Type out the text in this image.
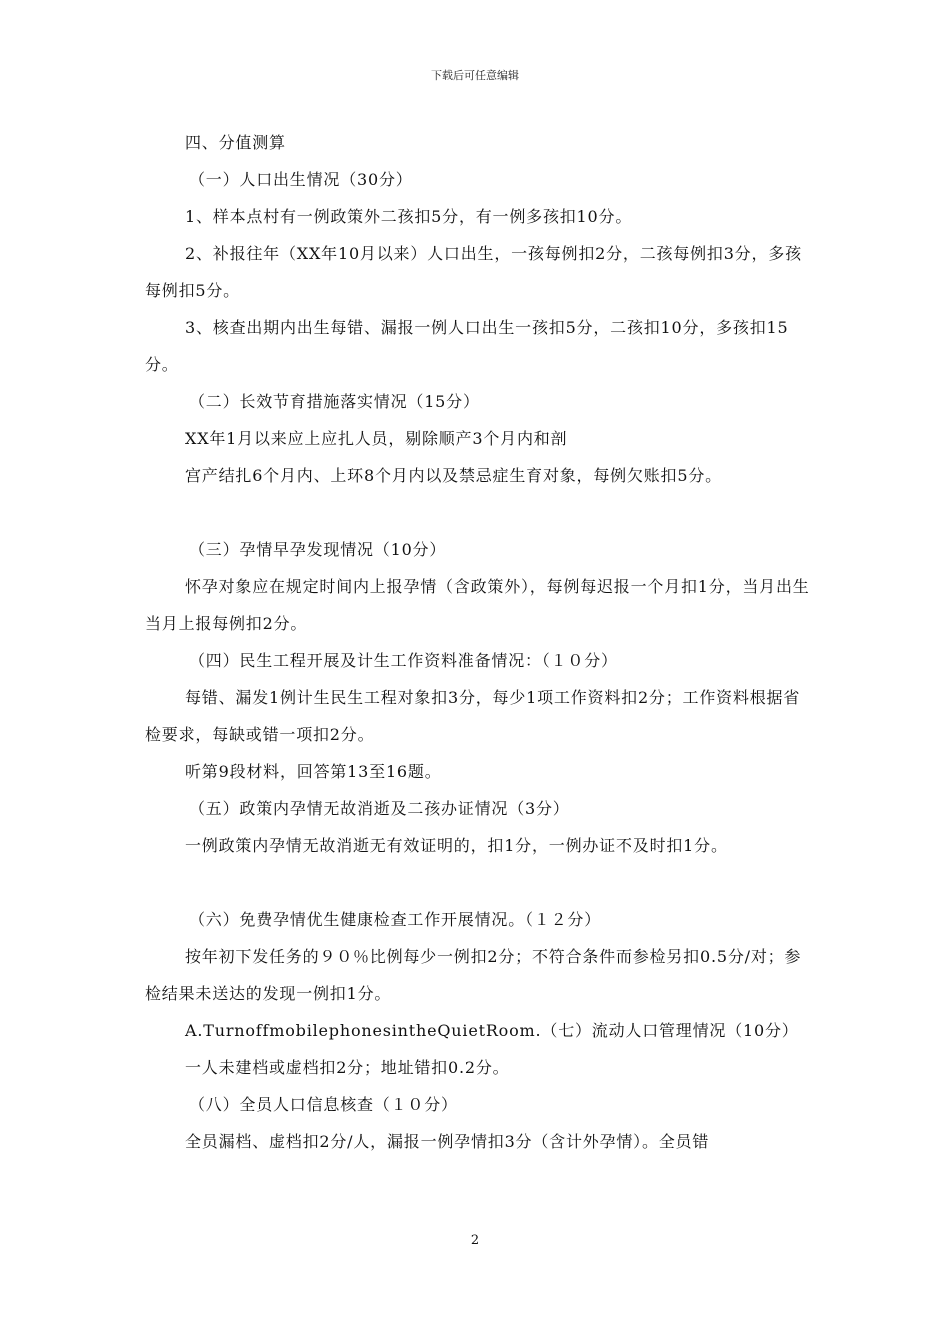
下载后可任意编辑

四、分值测算

（一）人口出生情况（30分）

1、样本点村有一例政策外二孩扣5分，有一例多孩扣10分。

2、补报往年（XX年10月以来）人口出生，一孩每例扣2分，二孩每例扣3分，多孩每例扣5分。

3、核查出期内出生每错、漏报一例人口出生一孩扣5分，二孩扣10分，多孩扣15分。

（二）长效节育措施落实情况（15分）

XX年1月以来应上应扎人员，剔除顺产3个月内和剖

宫产结扎6个月内、上环8个月内以及禁忌症生育对象，每例欠账扣5分。

（三）孕情早孕发现情况（10分）

怀孕对象应在规定时间内上报孕情（含政策外），每例每迟报一个月扣1分，当月出生当月上报每例扣2分。

（四）民生工程开展及计生工作资料准备情况：（１０分）

每错、漏发1例计生民生工程对象扣3分，每少1项工作资料扣2分；工作资料根据省检要求，每缺或错一项扣2分。

听第9段材料，回答第13至16题。

（五）政策内孕情无故消逝及二孩办证情况（3分）

一例政策内孕情无故消逝无有效证明的，扣1分，一例办证不及时扣1分。

（六）免费孕情优生健康检查工作开展情况。（１２分）

按年初下发任务的９０％比例每少一例扣2分；不符合条件而参检另扣0.5分/对；参检结果未送达的发现一例扣1分。

A.TurnoffmobilephonesintheQuietRoom.（七）流动人口管理情况（10分）

一人未建档或虚档扣2分；地址错扣0.2分。

（八）全员人口信息核查（１０分）

全员漏档、虚档扣2分/人，漏报一例孕情扣3分（含计外孕情）。全员错

2
